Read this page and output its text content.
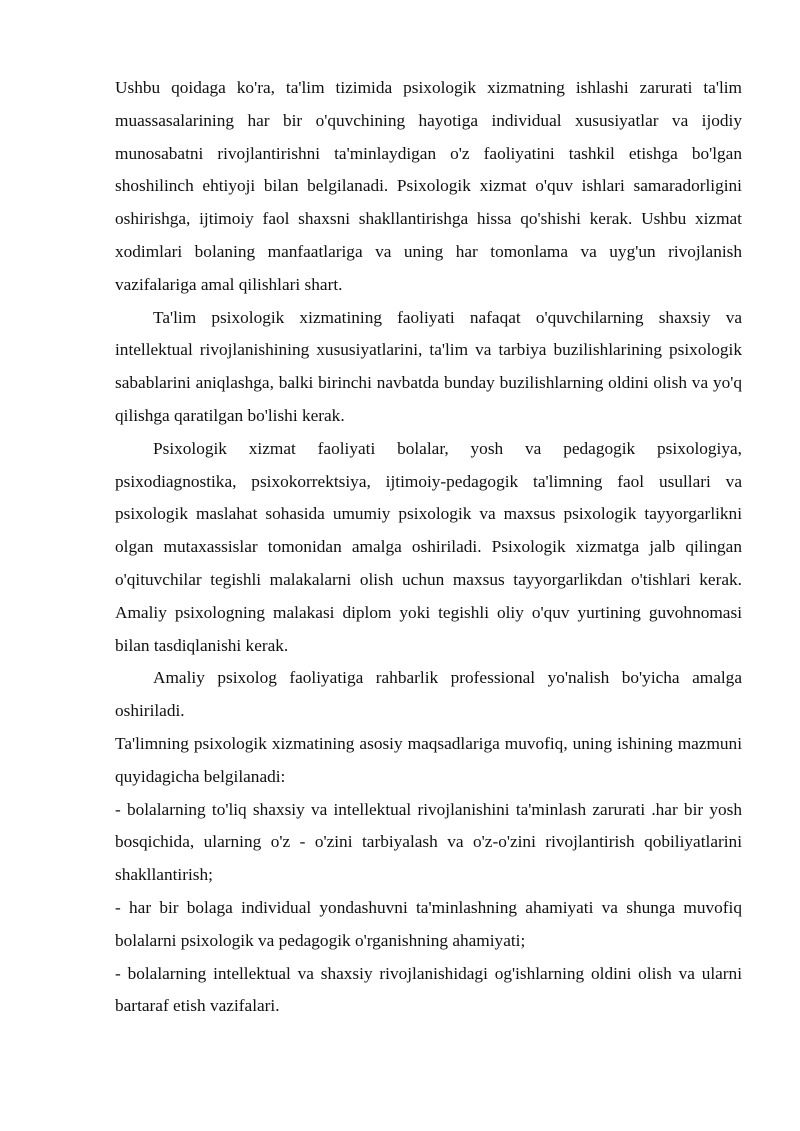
Ushbu qoidaga ko'ra, ta'lim tizimida psixologik xizmatning ishlashi zarurati ta'lim muassasalarining har bir o'quvchining hayotiga individual xususiyatlar va ijodiy munosabatni rivojlantirishni ta'minlaydigan o'z faoliyatini tashkil etishga bo'lgan shoshilinch ehtiyoji bilan belgilanadi. Psixologik xizmat o'quv ishlari samaradorligini oshirishga, ijtimoiy faol shaxsni shakllantirishga hissa qo'shishi kerak. Ushbu xizmat xodimlari bolaning manfaatlariga va uning har tomonlama va uyg'un rivojlanish vazifalariga amal qilishlari shart.

Ta'lim psixologik xizmatining faoliyati nafaqat o'quvchilarning shaxsiy va intellektual rivojlanishining xususiyatlarini, ta'lim va tarbiya buzilishlarining psixologik sabablarini aniqlashga, balki birinchi navbatda bunday buzilishlarning oldini olish va yo'q qilishga qaratilgan bo'lishi kerak.

Psixologik xizmat faoliyati bolalar, yosh va pedagogik psixologiya, psixodiagnostika, psixokorrektsiya, ijtimoiy-pedagogik ta'limning faol usullari va psixologik maslahat sohasida umumiy psixologik va maxsus psixologik tayyorgarlikni olgan mutaxassislar tomonidan amalga oshiriladi. Psixologik xizmatga jalb qilingan o'qituvchilar tegishli malakalarni olish uchun maxsus tayyorgarlikdan o'tishlari kerak. Amaliy psixologning malakasi diplom yoki tegishli oliy o'quv yurtining guvohnomasi bilan tasdiqlanishi kerak.

Amaliy psixolog faoliyatiga rahbarlik professional yo'nalish bo'yicha amalga oshiriladi.

Ta'limning psixologik xizmatining asosiy maqsadlariga muvofiq, uning ishining mazmuni quyidagicha belgilanadi:

- bolalarning to'liq shaxsiy va intellektual rivojlanishini ta'minlash zarurati .har bir yosh bosqichida, ularning o'z - o'zini tarbiyalash va o'z-o'zini rivojlantirish qobiliyatlarini shakllantirish;

- har bir bolaga individual yondashuvni ta'minlashning ahamiyati va shunga muvofiq bolalarni psixologik va pedagogik o'rganishning ahamiyati;

- bolalarning intellektual va shaxsiy rivojlanishidagi og'ishlarning oldini olish va ularni bartaraf etish vazifalari.
